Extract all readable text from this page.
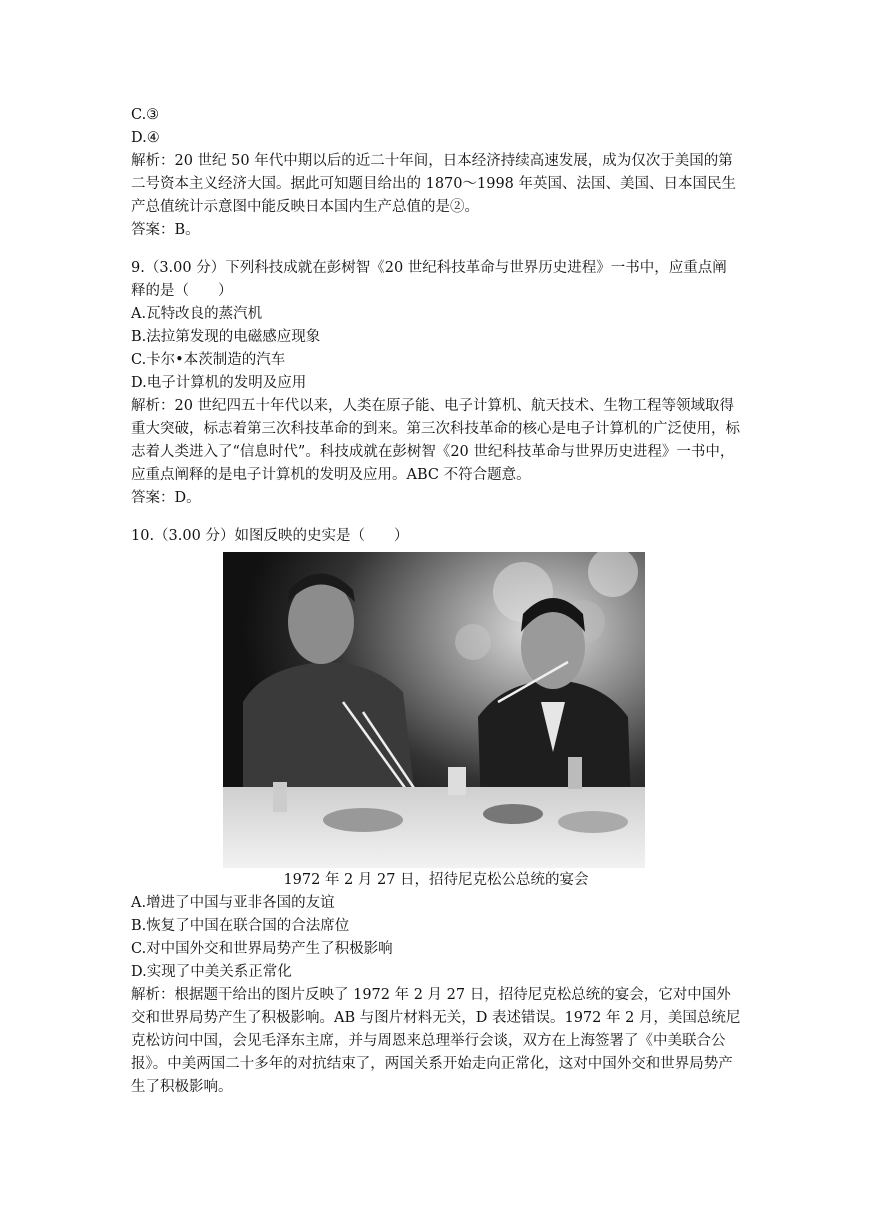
C.③
D.④
解析：20 世纪 50 年代中期以后的近二十年间，日本经济持续高速发展，成为仅次于美国的第二号资本主义经济大国。据此可知题目给出的 1870～1998 年英国、法国、美国、日本国民生产总值统计示意图中能反映日本国内生产总值的是②。
答案：B。
9.（3.00 分）下列科技成就在彭树智《20 世纪科技革命与世界历史进程》一书中，应重点阐释的是（　　）
A.瓦特改良的蒸汽机
B.法拉第发现的电磁感应现象
C.卡尔•本茨制造的汽车
D.电子计算机的发明及应用
解析：20 世纪四五十年代以来，人类在原子能、电子计算机、航天技术、生物工程等领域取得重大突破，标志着第三次科技革命的到来。第三次科技革命的核心是电子计算机的广泛使用，标志着人类进入了“信息时代”。科技成就在彭树智《20 世纪科技革命与世界历史进程》一书中，应重点阐释的是电子计算机的发明及应用。ABC 不符合题意。
答案：D。
10.（3.00 分）如图反映的史实是（　　）
1972 年 2 月 27 日，招待尼克松公总统的宴会
A.增进了中国与亚非各国的友谊
B.恢复了中国在联合国的合法席位
C.对中国外交和世界局势产生了积极影响
D.实现了中美关系正常化
解析：根据题干给出的图片反映了 1972 年 2 月 27 日，招待尼克松总统的宴会，它对中国外交和世界局势产生了积极影响。AB 与图片材料无关，D 表述错误。1972 年 2 月，美国总统尼克松访问中国，会见毛泽东主席，并与周恩来总理举行会谈，双方在上海签署了《中美联合公报》。中美两国二十多年的对抗结束了，两国关系开始走向正常化，这对中国外交和世界局势产生了积极影响。
